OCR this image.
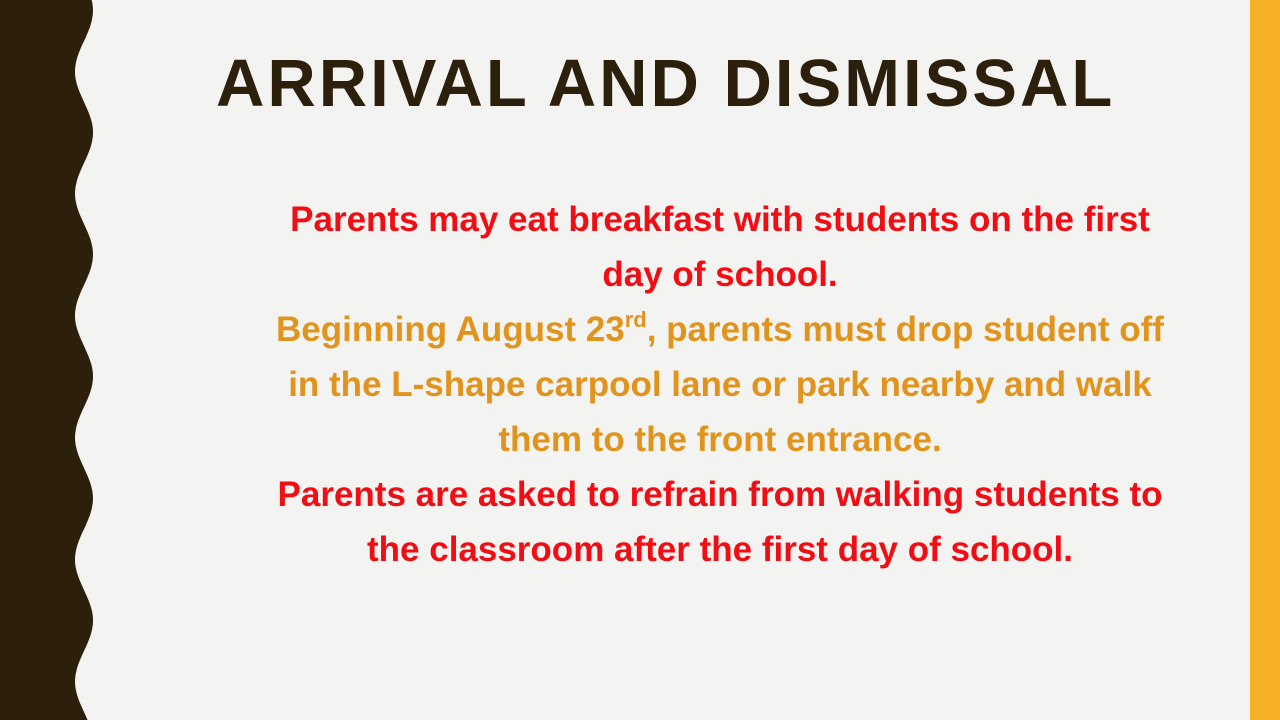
ARRIVAL AND DISMISSAL

Parents may eat breakfast with students on the first day of school.

Beginning August 23rd, parents must drop student off in the L-shape carpool lane or park nearby and walk them to the front entrance.

Parents are asked to refrain from walking students to the classroom after the first day of school.
